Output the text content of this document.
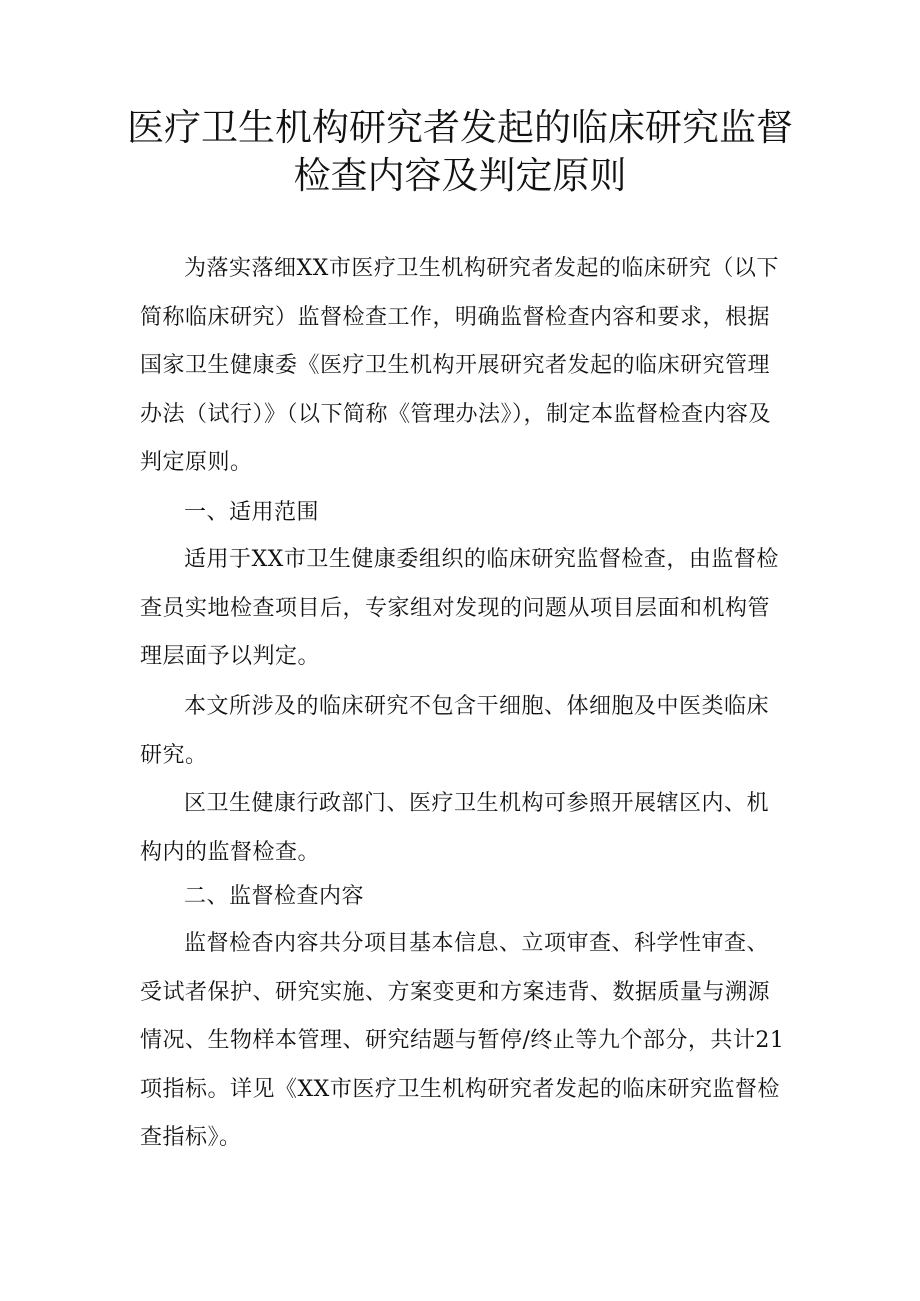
医疗卫生机构研究者发起的临床研究监督
检查内容及判定原则

为落实落细XX市医疗卫生机构研究者发起的临床研究（以下简称临床研究）监督检查工作，明确监督检查内容和要求，根据国家卫生健康委《医疗卫生机构开展研究者发起的临床研究管理办法（试行）》（以下简称《管理办法》），制定本监督检查内容及判定原则。

一、适用范围

适用于XX市卫生健康委组织的临床研究监督检查，由监督检查员实地检查项目后，专家组对发现的问题从项目层面和机构管理层面予以判定。

本文所涉及的临床研究不包含干细胞、体细胞及中医类临床研究。

区卫生健康行政部门、医疗卫生机构可参照开展辖区内、机构内的监督检查。

二、监督检查内容

监督检杳内容共分项目基本信息、立项审查、科学性审查、受试者保护、研究实施、方案变更和方案违背、数据质量与溯源情况、生物样本管理、研究结题与暂停/终止等九个部分，共计21项指标。详见《XX市医疗卫生机构研究者发起的临床研究监督检查指标》。
